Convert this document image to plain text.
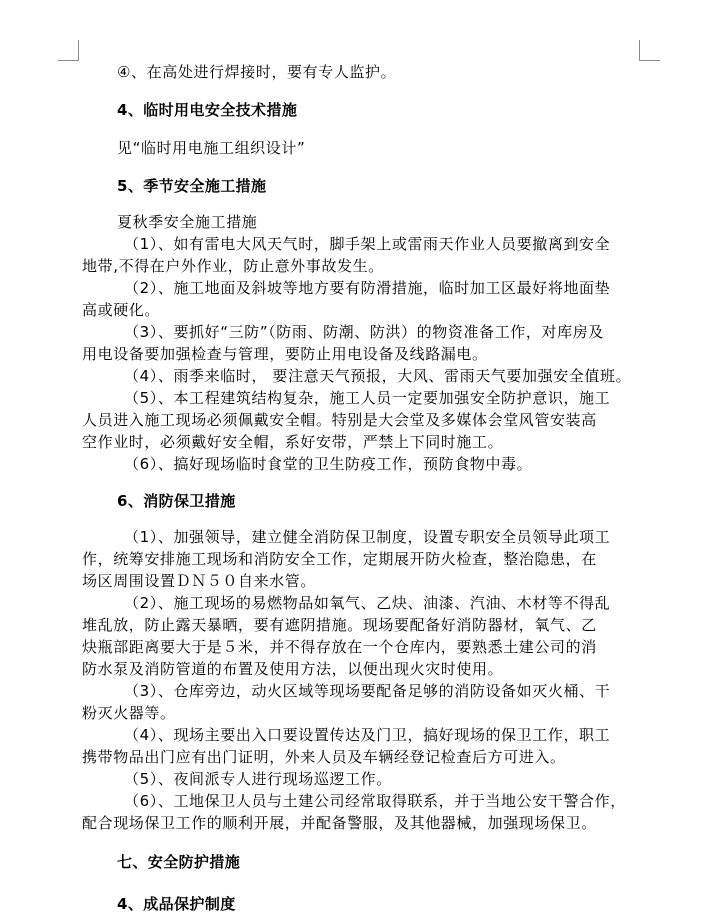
④、在高处进行焊接时，要有专人监护。
4、临时用电安全技术措施
见“临时用电施工组织设计”
5、季节安全施工措施
夏秋季安全施工措施
（1）、如有雷电大风天气时，脚手架上或雷雨天作业人员要撤离到安全
地带,不得在户外作业，防止意外事故发生。
（2）、施工地面及斜坡等地方要有防滑措施，临时加工区最好将地面垫
高或硬化。
（3）、要抓好“三防”（防雨、防潮、防洪）的物资准备工作，对库房及
用电设备要加强检查与管理，要防止用电设备及线路漏电。
（4）、雨季来临时， 要注意天气预报，大风、雷雨天气要加强安全值班。
（5）、本工程建筑结构复杂，施工人员一定要加强安全防护意识，施工
人员进入施工现场必须佩戴安全帽。特别是大会堂及多媒体会堂风管安装高
空作业时，必须戴好安全帽，系好安带，严禁上下同时施工。
（6）、搞好现场临时食堂的卫生防疫工作，预防食物中毒。
6、消防保卫措施
（1）、加强领导，建立健全消防保卫制度，设置专职安全员领导此项工
作，统筹安排施工现场和消防安全工作，定期展开防火检查，整治隐患，在
场区周围设置ＤＮ５０自来水管。
（2）、施工现场的易燃物品如氧气、乙炔、油漆、汽油、木材等不得乱
堆乱放，防止露天暴晒，要有遮阴措施。现场要配备好消防器材，氧气、乙
炔瓶部距离要大于是５米，并不得存放在一个仓库内，要熟悉土建公司的消
防水泵及消防管道的布置及使用方法，以便出现火灾时使用。
（3）、仓库旁边，动火区域等现场要配备足够的消防设备如灭火桶、干
粉灭火器等。
（4）、现场主要出入口要设置传达及门卫，搞好现场的保卫工作，职工
携带物品出门应有出门证明，外来人员及车辆经登记检查后方可进入。
（5）、夜间派专人进行现场巡逻工作。
（6）、工地保卫人员与土建公司经常取得联系，并于当地公安干警合作，
配合现场保卫工作的顺利开展，并配备警服，及其他器械，加强现场保卫。
七、安全防护措施
4、成品保护制度
